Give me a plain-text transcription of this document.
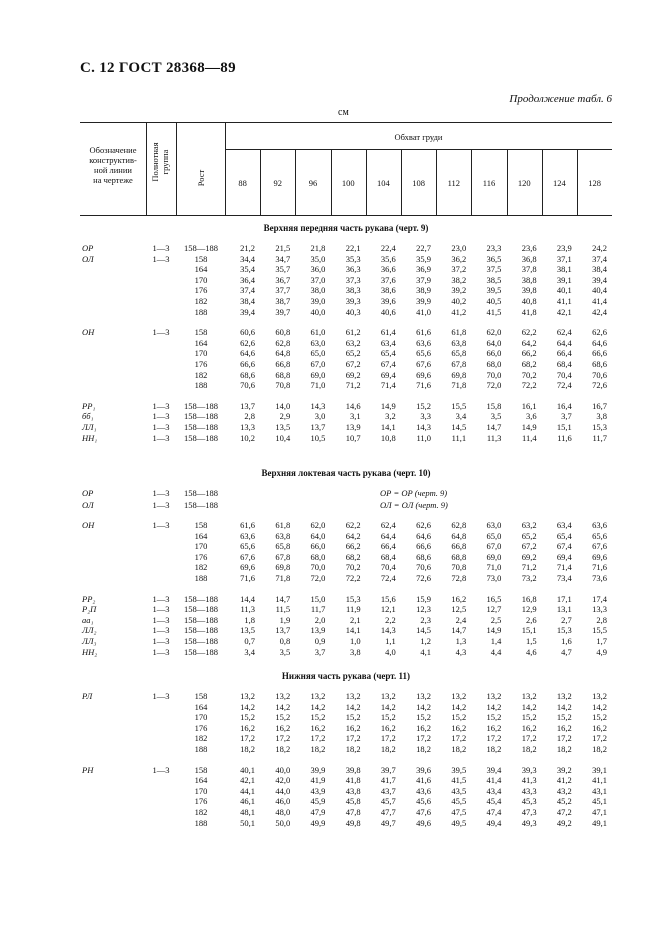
С. 12 ГОСТ 28368—89
Продолжение табл. 6
см
Обозначение
конструктив-
ной линии
на чертеже	Полнотная группа
Рост
Обхват груди
88	92	96	100	104	108	112	116	120	124	128
Верхняя передняя часть рукава (черт. 9)
ОР	1—3	158—188	21,2	21,5	21,8	22,1	22,4	22,7	23,0	23,3	23,6	23,9	24,2
ОЛ	1—3	158	34,4	34,7	35,0	35,3	35,6	35,9	36,2	36,5	36,8	37,1	37,4
164	35,4	35,7	36,0	36,3	36,6	36,9	37,2	37,5	37,8	38,1	38,4
170	36,4	36,7	37,0	37,3	37,6	37,9	38,2	38,5	38,8	39,1	39,4
176	37,4	37,7	38,0	38,3	38,6	38,9	39,2	39,5	39,8	40,1	40,4
182	38,4	38,7	39,0	39,3	39,6	39,9	40,2	40,5	40,8	41,1	41,4
188	39,4	39,7	40,0	40,3	40,6	41,0	41,2	41,5	41,8	42,1	42,4
ОН	1—3	158	60,6	60,8	61,0	61,2	61,4	61,6	61,8	62,0	62,2	62,4	62,6
164	62,6	62,8	63,0	63,2	63,4	63,6	63,8	64,0	64,2	64,4	64,6
170	64,6	64,8	65,0	65,2	65,4	65,6	65,8	66,0	66,2	66,4	66,6
176	66,6	66,8	67,0	67,2	67,4	67,6	67,8	68,0	68,2	68,4	68,6
182	68,6	68,8	69,0	69,2	69,4	69,6	69,8	70,0	70,2	70,4	70,6
188	70,6	70,8	71,0	71,2	71,4	71,6	71,8	72,0	72,2	72,4	72,6
РР₁	1—3	158—188	13,7	14,0	14,3	14,6	14,9	15,2	15,5	15,8	16,1	16,4	16,7
бб₁	1—3	158—188	2,8	2,9	3,0	3,1	3,2	3,3	3,4	3,5	3,6	3,7	3,8
ЛЛ₁	1—3	158—188	13,3	13,5	13,7	13,9	14,1	14,3	14,5	14,7	14,9	15,1	15,3
НН₁	1—3	158—188	10,2	10,4	10,5	10,7	10,8	11,0	11,1	11,3	11,4	11,6	11,7
Верхняя локтевая часть рукава (черт. 10)
ОР	1—3	158—188	ОР = ОР (черт. 9)
ОЛ	1—3	158—188	ОЛ = ОЛ (черт. 9)
ОН	1—3	158	61,6	61,8	62,0	62,2	62,4	62,6	62,8	63,0	63,2	63,4	63,6
164	63,6	63,8	64,0	64,2	64,4	64,6	64,8	65,0	65,2	65,4	65,6
170	65,6	65,8	66,0	66,2	66,4	66,6	66,8	67,0	67,2	67,4	67,6
176	67,6	67,8	68,0	68,2	68,4	68,6	68,8	69,0	69,2	69,4	69,6
182	69,6	69,8	70,0	70,2	70,4	70,6	70,8	71,0	71,2	71,4	71,6
188	71,6	71,8	72,0	72,2	72,4	72,6	72,8	73,0	73,2	73,4	73,6
РР₂	1—3	158—188	14,4	14,7	15,0	15,3	15,6	15,9	16,2	16,5	16,8	17,1	17,4
Р₂П	1—3	158—188	11,3	11,5	11,7	11,9	12,1	12,3	12,5	12,7	12,9	13,1	13,3
аа₁	1—3	158—188	1,8	1,9	2,0	2,1	2,2	2,3	2,4	2,5	2,6	2,7	2,8
ЛЛ₂	1—3	158—188	13,5	13,7	13,9	14,1	14,3	14,5	14,7	14,9	15,1	15,3	15,5
ЛЛ₃	1—3	158—188	0,7	0,8	0,9	1,0	1,1	1,2	1,3	1,4	1,5	1,6	1,7
НН₂	1—3	158—188	3,4	3,5	3,7	3,8	4,0	4,1	4,3	4,4	4,6	4,7	4,9
Нижняя часть рукава (черт. 11)
РЛ	1—3	158	13,2	13,2	13,2	13,2	13,2	13,2	13,2	13,2	13,2	13,2	13,2
164	14,2	14,2	14,2	14,2	14,2	14,2	14,2	14,2	14,2	14,2	14,2
170	15,2	15,2	15,2	15,2	15,2	15,2	15,2	15,2	15,2	15,2	15,2
176	16,2	16,2	16,2	16,2	16,2	16,2	16,2	16,2	16,2	16,2	16,2
182	17,2	17,2	17,2	17,2	17,2	17,2	17,2	17,2	17,2	17,2	17,2
188	18,2	18,2	18,2	18,2	18,2	18,2	18,2	18,2	18,2	18,2	18,2
РН	1—3	158	40,1	40,0	39,9	39,8	39,7	39,6	39,5	39,4	39,3	39,2	39,1
164	42,1	42,0	41,9	41,8	41,7	41,6	41,5	41,4	41,3	41,2	41,1
170	44,1	44,0	43,9	43,8	43,7	43,6	43,5	43,4	43,3	43,2	43,1
176	46,1	46,0	45,9	45,8	45,7	45,6	45,5	45,4	45,3	45,2	45,1
182	48,1	48,0	47,9	47,8	47,7	47,6	47,5	47,4	47,3	47,2	47,1
188	50,1	50,0	49,9	49,8	49,7	49,6	49,5	49,4	49,3	49,2	49,1
